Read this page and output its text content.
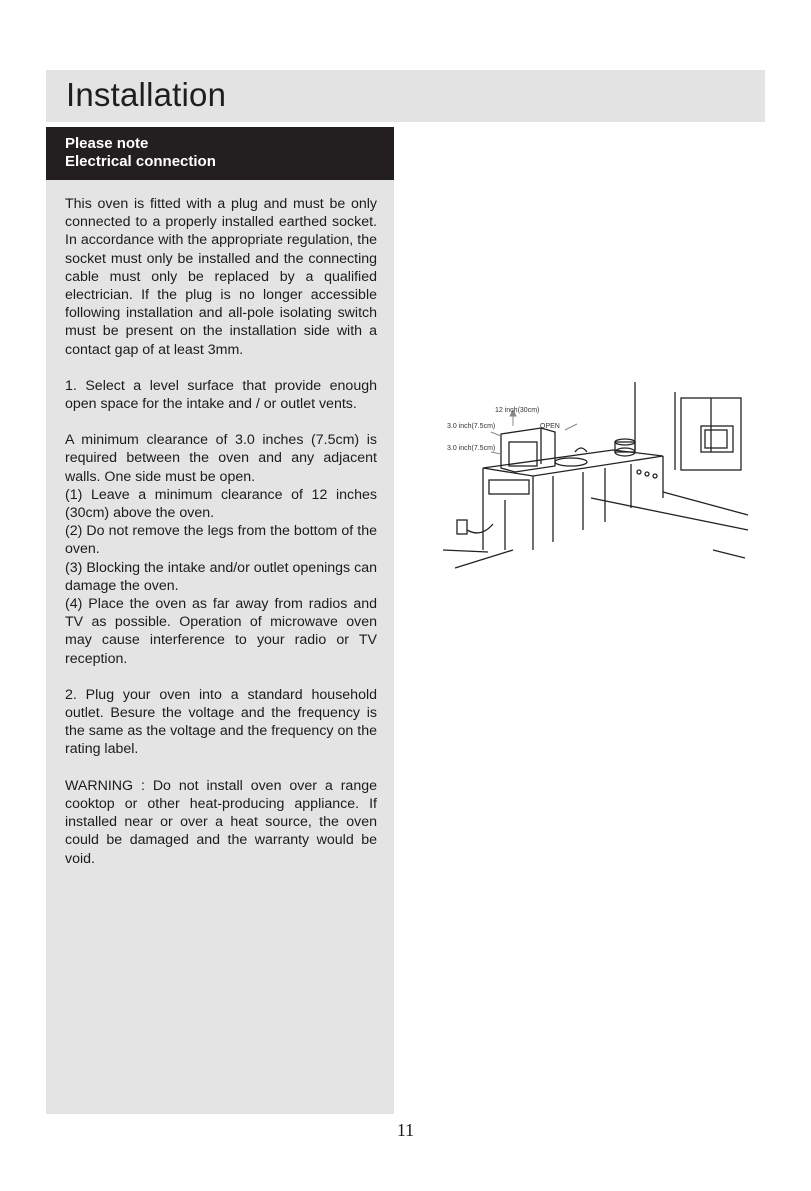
Installation
Please note
Electrical connection

This oven is fitted with a plug and must be only connected to a properly installed earthed socket. In accordance with the appropriate regulation, the socket must only be installed and the connecting cable must only be replaced by a qualified electrician. If the plug is no longer accessible following installation and all-pole isolating switch must be present on the installation side with a contact gap of at least 3mm.

1. Select a level surface that provide enough open space for the intake and / or outlet vents.

A minimum clearance of 3.0 inches (7.5cm) is required between the oven and any adjacent walls. One side must be open.

(1) Leave a minimum clearance of 12 inches (30cm) above the oven.

(2) Do not remove the legs from the bottom of the oven.

(3) Blocking the intake and/or outlet openings can damage the oven.

(4) Place the oven as far away from radios and TV as possible. Operation of microwave oven may cause interference to your radio or TV reception.

2. Plug your oven into a standard household outlet. Besure the voltage and the frequency is the same as the voltage and the frequency on the rating label.

WARNING : Do not install oven over a range cooktop or other heat-producing appliance. If installed near or over a heat source, the oven could be damaged and the warranty would be void.

12 inch(30cm)
3.0 inch(7.5cm)
3.0 inch(7.5cm)
OPEN
11
